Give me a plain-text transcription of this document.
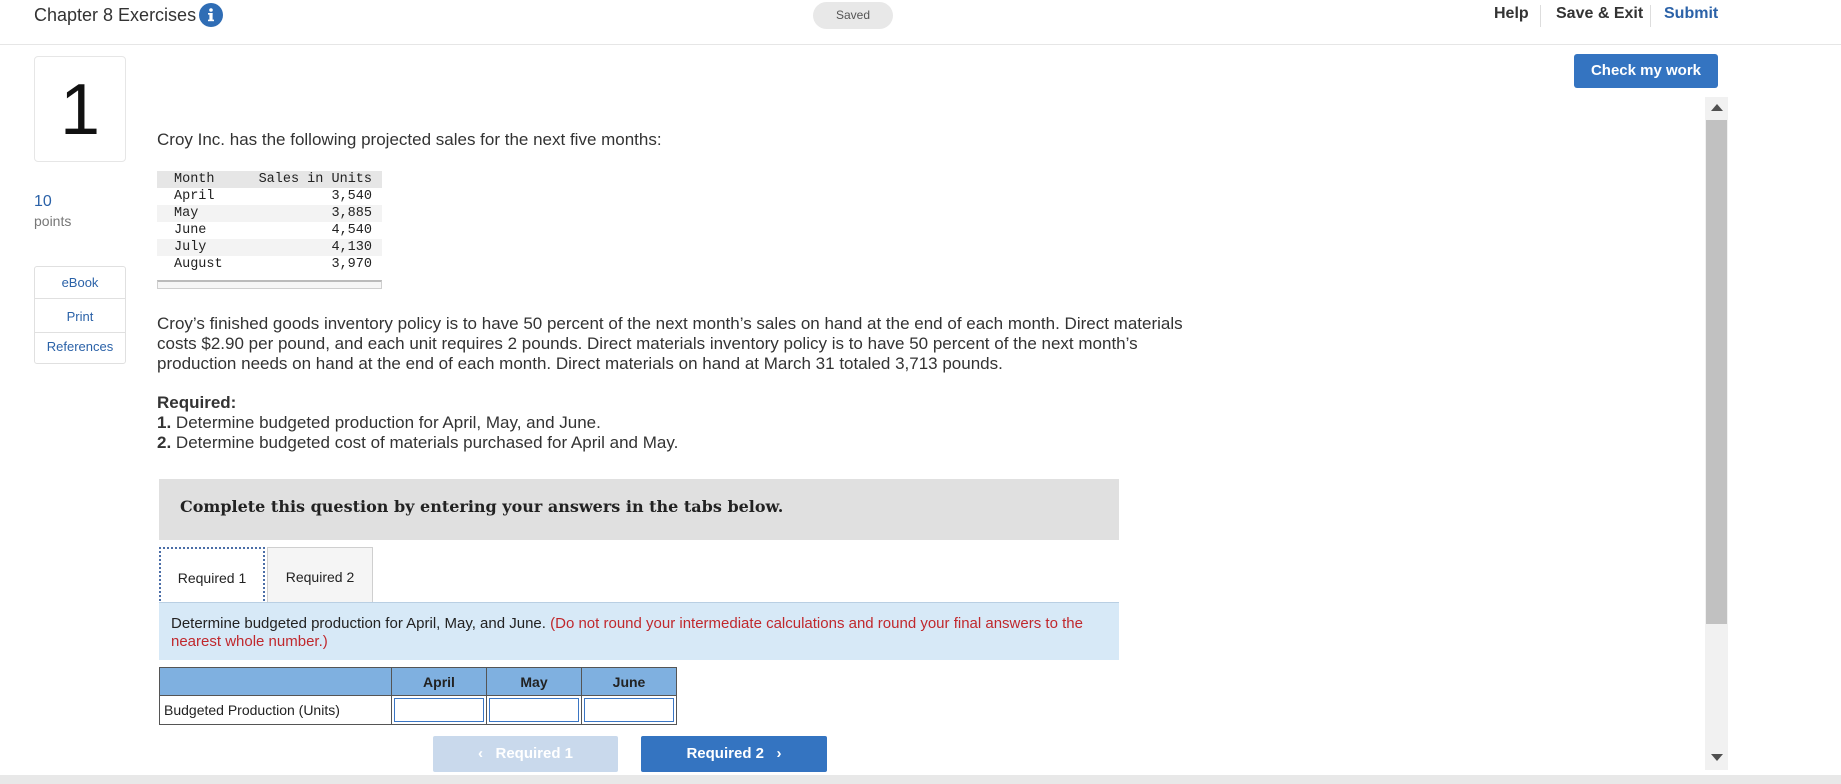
Chapter 8 Exercises	Saved	Help Save & Exit Submit
Check my work
1
10
points
eBook
Print
References
Croy Inc. has the following projected sales for the next five months:
Month	Sales in Units
April	3,540
May	3,885
June	4,540
July	4,130
August	3,970
Croy’s finished goods inventory policy is to have 50 percent of the next month’s sales on hand at the end of each month. Direct materials costs $2.90 per pound, and each unit requires 2 pounds. Direct materials inventory policy is to have 50 percent of the next month’s production needs on hand at the end of each month. Direct materials on hand at March 31 totaled 3,713 pounds.
Required:
1. Determine budgeted production for April, May, and June.
2. Determine budgeted cost of materials purchased for April and May.
Complete this question by entering your answers in the tabs below.
Required 1	Required 2
Determine budgeted production for April, May, and June. (Do not round your intermediate calculations and round your final answers to the nearest whole number.)
	April	May	June
Budgeted Production (Units)			
‹ Required 1	Required 2 ›
